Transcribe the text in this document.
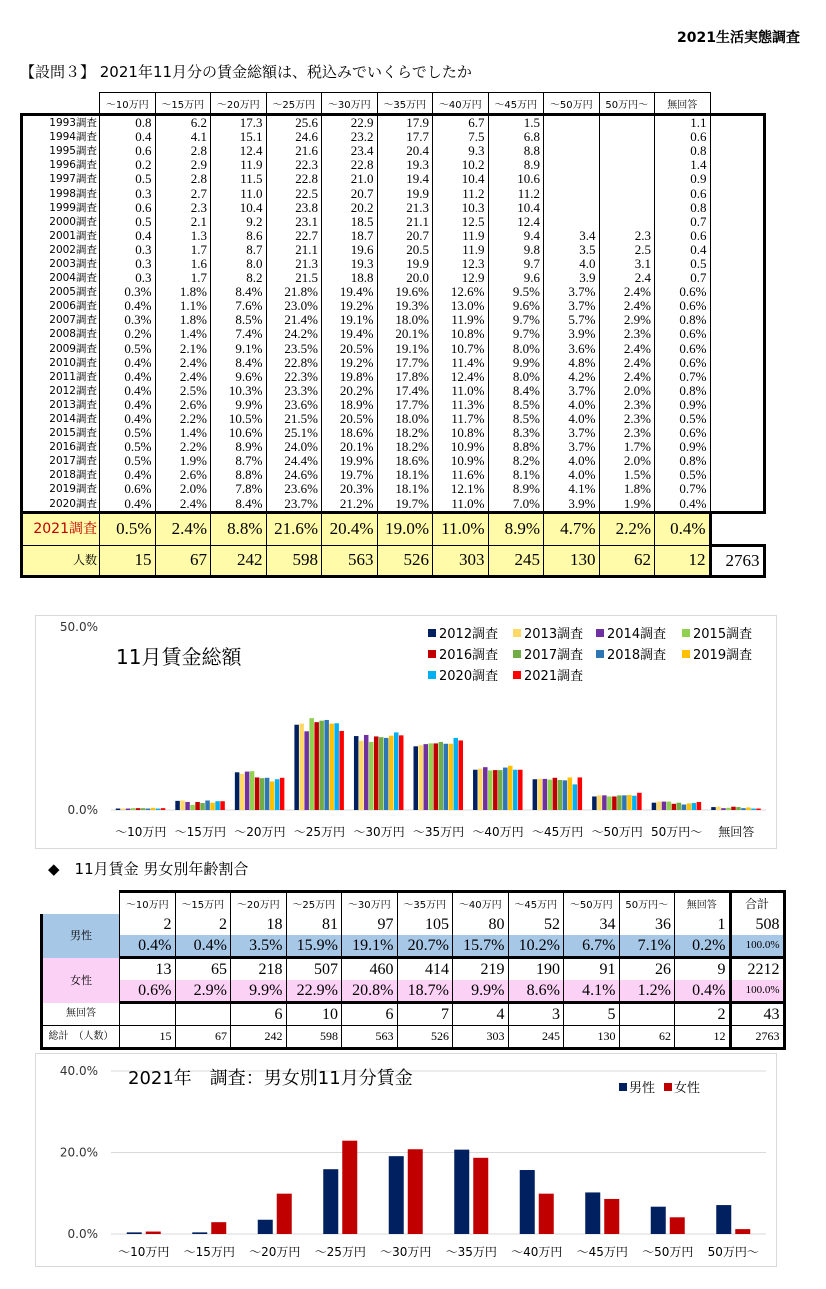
2021生活実態調査
【設問３】 2021年11月分の賃金総額は、税込みでいくらでしたか
	～10万円	～15万円	～20万円	～25万円	～30万円	～35万円	～40万円	～45万円	～50万円	50万円～	無回答	
1993調査	0.8	6.2	17.3	25.6	22.9	17.9	6.7	1.5			1.1	
1994調査	0.4	4.1	15.1	24.6	23.2	17.7	7.5	6.8			0.6	
1995調査	0.6	2.8	12.4	21.6	23.4	20.4	9.3	8.8			0.8	
1996調査	0.2	2.9	11.9	22.3	22.8	19.3	10.2	8.9			1.4	
1997調査	0.5	2.8	11.5	22.8	21.0	19.4	10.4	10.6			0.9	
1998調査	0.3	2.7	11.0	22.5	20.7	19.9	11.2	11.2			0.6	
1999調査	0.6	2.3	10.4	23.8	20.2	21.3	10.3	10.4			0.8	
2000調査	0.5	2.1	9.2	23.1	18.5	21.1	12.5	12.4			0.7	
2001調査	0.4	1.3	8.6	22.7	18.7	20.7	11.9	9.4	3.4	2.3	0.6	
2002調査	0.3	1.7	8.7	21.1	19.6	20.5	11.9	9.8	3.5	2.5	0.4	
2003調査	0.3	1.6	8.0	21.3	19.3	19.9	12.3	9.7	4.0	3.1	0.5	
2004調査	0.3	1.7	8.2	21.5	18.8	20.0	12.9	9.6	3.9	2.4	0.7	
2005調査	0.3%	1.8%	8.4%	21.8%	19.4%	19.6%	12.6%	9.5%	3.7%	2.4%	0.6%	
2006調査	0.4%	1.1%	7.6%	23.0%	19.2%	19.3%	13.0%	9.6%	3.7%	2.4%	0.6%	
2007調査	0.3%	1.8%	8.5%	21.4%	19.1%	18.0%	11.9%	9.7%	5.7%	2.9%	0.8%	
2008調査	0.2%	1.4%	7.4%	24.2%	19.4%	20.1%	10.8%	9.7%	3.9%	2.3%	0.6%	
2009調査	0.5%	2.1%	9.1%	23.5%	20.5%	19.1%	10.7%	8.0%	3.6%	2.4%	0.6%	
2010調査	0.4%	2.4%	8.4%	22.8%	19.2%	17.7%	11.4%	9.9%	4.8%	2.4%	0.6%	
2011調査	0.4%	2.4%	9.6%	22.3%	19.8%	17.8%	12.4%	8.0%	4.2%	2.4%	0.7%	
2012調査	0.4%	2.5%	10.3%	23.3%	20.2%	17.4%	11.0%	8.4%	3.7%	2.0%	0.8%	
2013調査	0.4%	2.6%	9.9%	23.6%	18.9%	17.7%	11.3%	8.5%	4.0%	2.3%	0.9%	
2014調査	0.4%	2.2%	10.5%	21.5%	20.5%	18.0%	11.7%	8.5%	4.0%	2.3%	0.5%	
2015調査	0.5%	1.4%	10.6%	25.1%	18.6%	18.2%	10.8%	8.3%	3.7%	2.3%	0.6%	
2016調査	0.5%	2.2%	8.9%	24.0%	20.1%	18.2%	10.9%	8.8%	3.7%	1.7%	0.9%	
2017調査	0.5%	1.9%	8.7%	24.4%	19.9%	18.6%	10.9%	8.2%	4.0%	2.0%	0.8%	
2018調査	0.4%	2.6%	8.8%	24.6%	19.7%	18.1%	11.6%	8.1%	4.0%	1.5%	0.5%	
2019調査	0.6%	2.0%	7.8%	23.6%	20.3%	18.1%	12.1%	8.9%	4.1%	1.8%	0.7%	
2020調査	0.4%	2.4%	8.4%	23.7%	21.2%	19.7%	11.0%	7.0%	3.9%	1.9%	0.4%	
2021調査	0.5%	2.4%	8.8%	21.6%	20.4%	19.0%	11.0%	8.9%	4.7%	2.2%	0.4%	
人数	15	67	242	598	563	526	303	245	130	62	12	2763
0.0%
50.0%
11月賃金総額
～10万円 ～15万円 ～20万円 ～25万円 ～30万円 ～35万円 ～40万円 ～45万円 ～50万円 50万円～ 無回答
2012調査 2013調査 2014調査 2015調査
2016調査 2017調査 2018調査 2019調査
2020調査 2021調査
◆　11月賃金 男女別年齢割合
	～10万円	～15万円	～20万円	～25万円	～30万円	～35万円	～40万円	～45万円	～50万円	50万円～	無回答	合計
男性	2	2	18	81	97	105	80	52	34	36	1	508
	0.4%	0.4%	3.5%	15.9%	19.1%	20.7%	15.7%	10.2%	6.7%	7.1%	0.2%	100.0%
女性	13	65	218	507	460	414	219	190	91	26	9	2212
	0.6%	2.9%	9.9%	22.9%	20.8%	18.7%	9.9%	8.6%	4.1%	1.2%	0.4%	100.0%
無回答			6	10	6	7	4	3	5		2	43
総計　（人数）	15	67	242	598	563	526	303	245	130	62	12	2763
0.0%
20.0%
40.0% 2021年　調査：男女別11月分賃金
～10万円 ～15万円 ～20万円 ～25万円 ～30万円 ～35万円 ～40万円 ～45万円 ～50万円 50万円～
男性 女性
